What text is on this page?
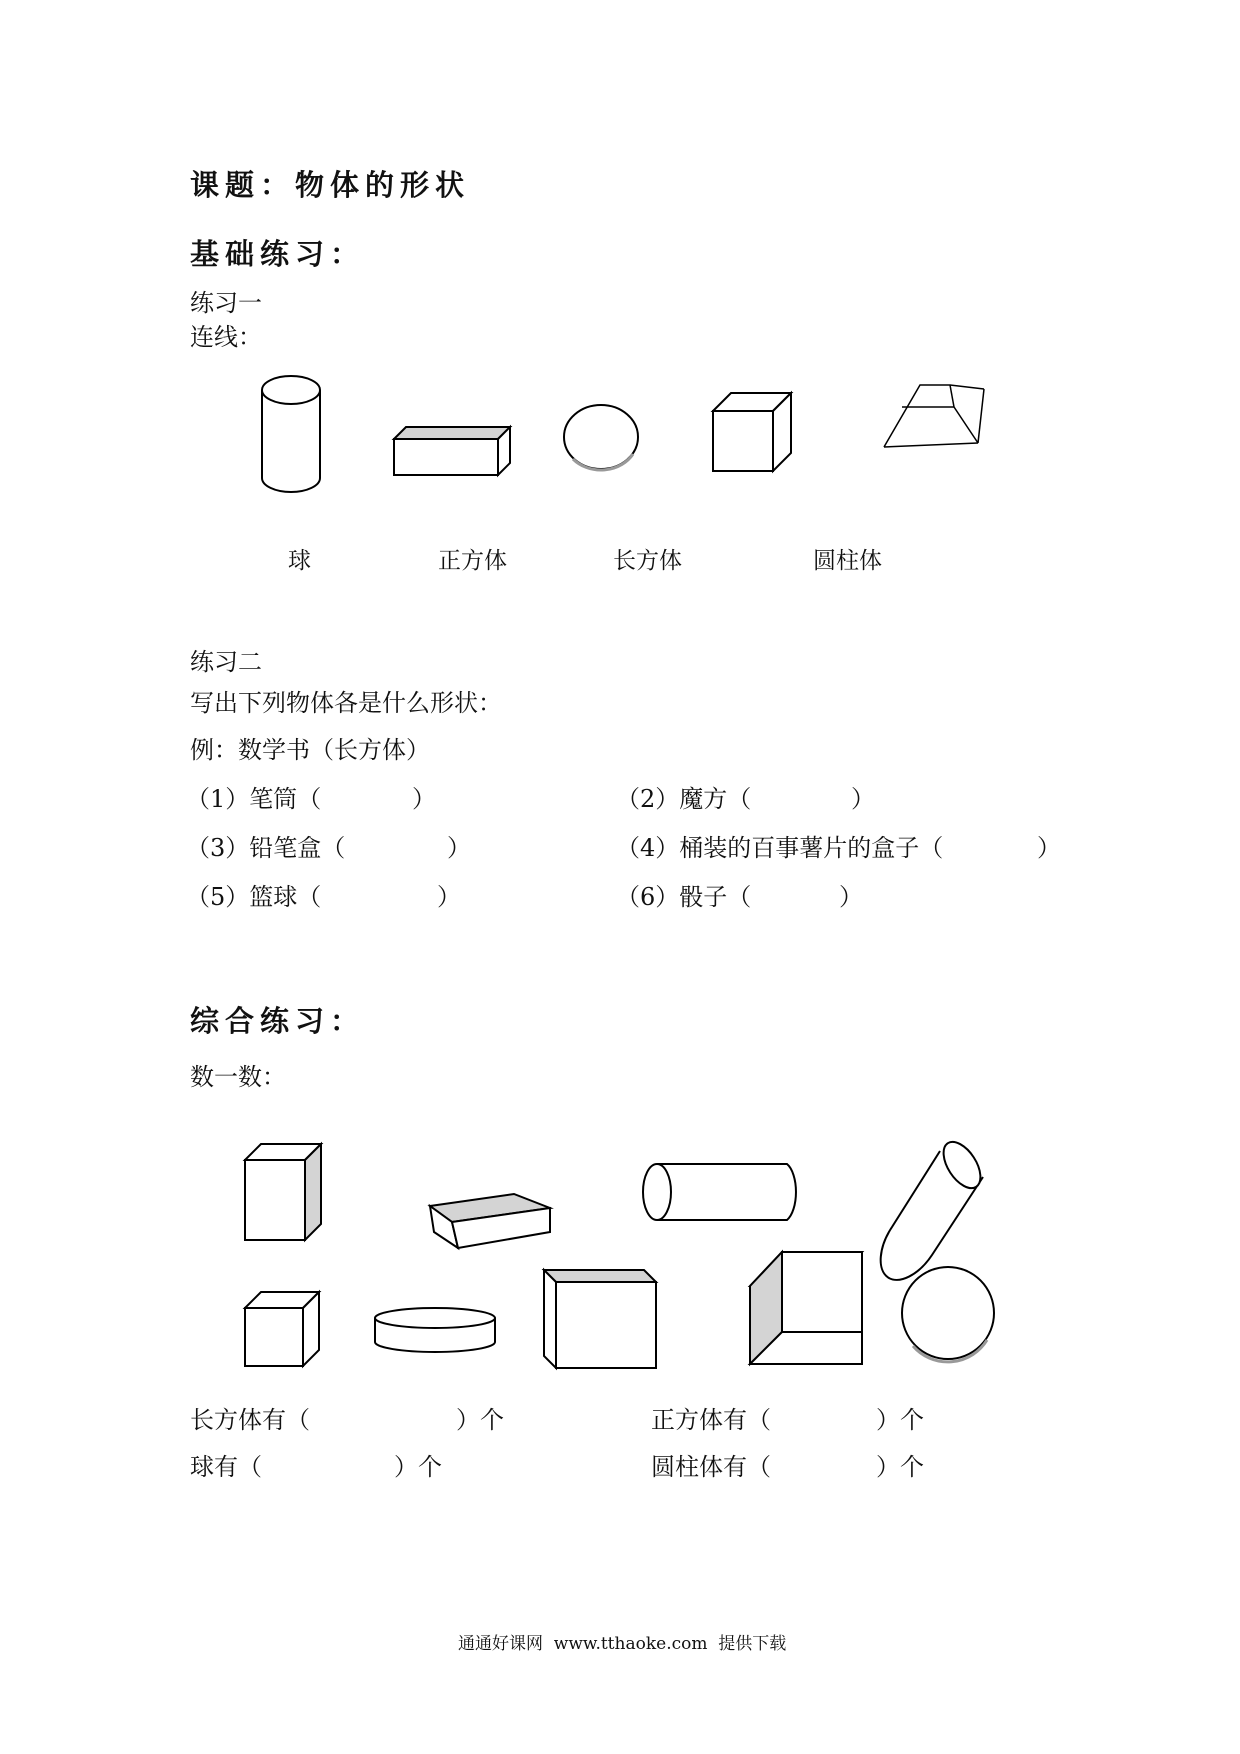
课题：物体的形状
基础练习：
练习一
连线：
球	正方体	长方体	圆柱体
练习二
写出下列物体各是什么形状：
例：数学书（长方体）
（1）笔筒（	）	（2）魔方（	）
（3）铅笔盒（	）	（4）桶装的百事薯片的盒子（	）
（5）篮球（	）	（6）骰子（	）
综合练习：
数一数：
长方体有（	）个	正方体有（	）个
球有（	）个	圆柱体有（	）个
通通好课网  www.tthaoke.com  提供下载
